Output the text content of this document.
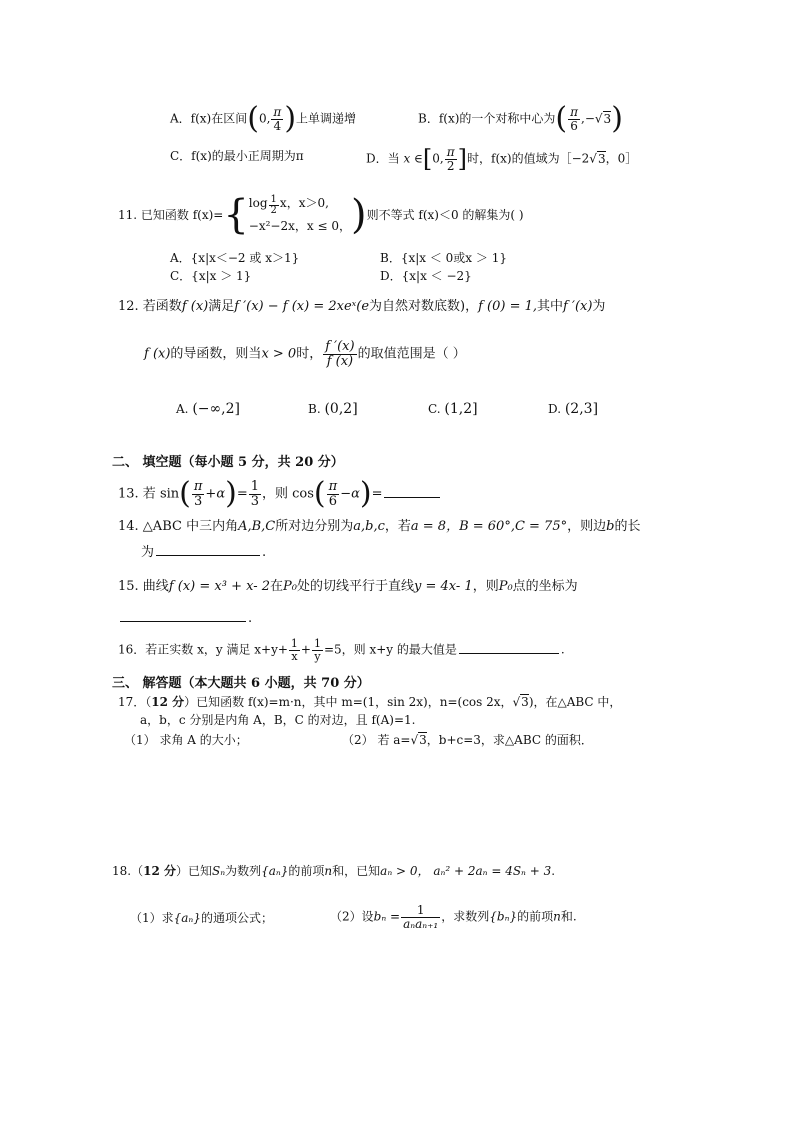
A．f(x)在区间(0, $\frac{\pi}{4}$ )上单调递增	B．f(x)的一个对称中心为( $\frac{\pi}{6} ,-√3$)
C．f(x)的最小正周期为π	D．当 x ∈[0, $\frac{\pi}{2}$ ]时，f(x)的值域为［−2√3，0］
11. 已知函数 f(x)={ $\log \frac{1}{2}$ x，x＞0,
−x²−2x，x ≤ 0， )则不等式 f(x)＜0 的解集为( )
A．{x|x＜−2 或 x＞1}	B．{x|x ＜ 0或x ＞ 1}
C．{x|x ＞ 1}	D．{x|x ＜ −2}
12. 若函数f (x)满足f ′(x) − f (x) = 2xeˣ(e为自然对数底数)，f (0) = 1,其中f ′(x)为
f (x)的导函数，则当x > 0时， $\frac{f '(x)}{f (x)}$ 的取值范围是（ ）
A. (−∞,2]	B. (0,2]	C. (1,2]	D. (2,3]
二、 填空题（每小题 5 分，共 20 分）
13. 若 $\sin( \frac{\pi}{3} +\alpha)= \frac{1}{3}$ ，则 $\cos( \frac{\pi}{6} -\alpha)=$
14. △ABC 中三内角A,B,C所对边分别为a,b,c，若a = 8，B = 60°,C = 75°，则边b的长
为	.
15. 曲线f (x) = x³ + x- 2在P₀处的切线平行于直线y = 4x- 1，则P₀点的坐标为
.
16．若正实数 x，y 满足 $x+y+ \frac{1}{x} + \frac{1}{y} =5$，则 x+y 的最大值是	.
三、 解答题（本大题共 6 小题，共 70 分）
17．（12 分）已知函数 f(x)=m·n，其中 m=(1，sin 2x)，n=(cos 2x，√3)，在△ABC 中，
a，b，c 分别是内角 A，B，C 的对边，且 f(A)=1.
（1） 求角 A 的大小；	（2） 若 a=√3，b+c=3，求△ABC 的面积．
18.（12 分）已知Sₙ为数列{aₙ}的前项n和，已知aₙ > 0， aₙ² + 2aₙ = 4Sₙ + 3.
（1）求{aₙ}的通项公式；	（2）设$b_n = \frac{1}{\text{aₙaₙ₊₁}}$ ，求数列{bₙ}的前项n和.
